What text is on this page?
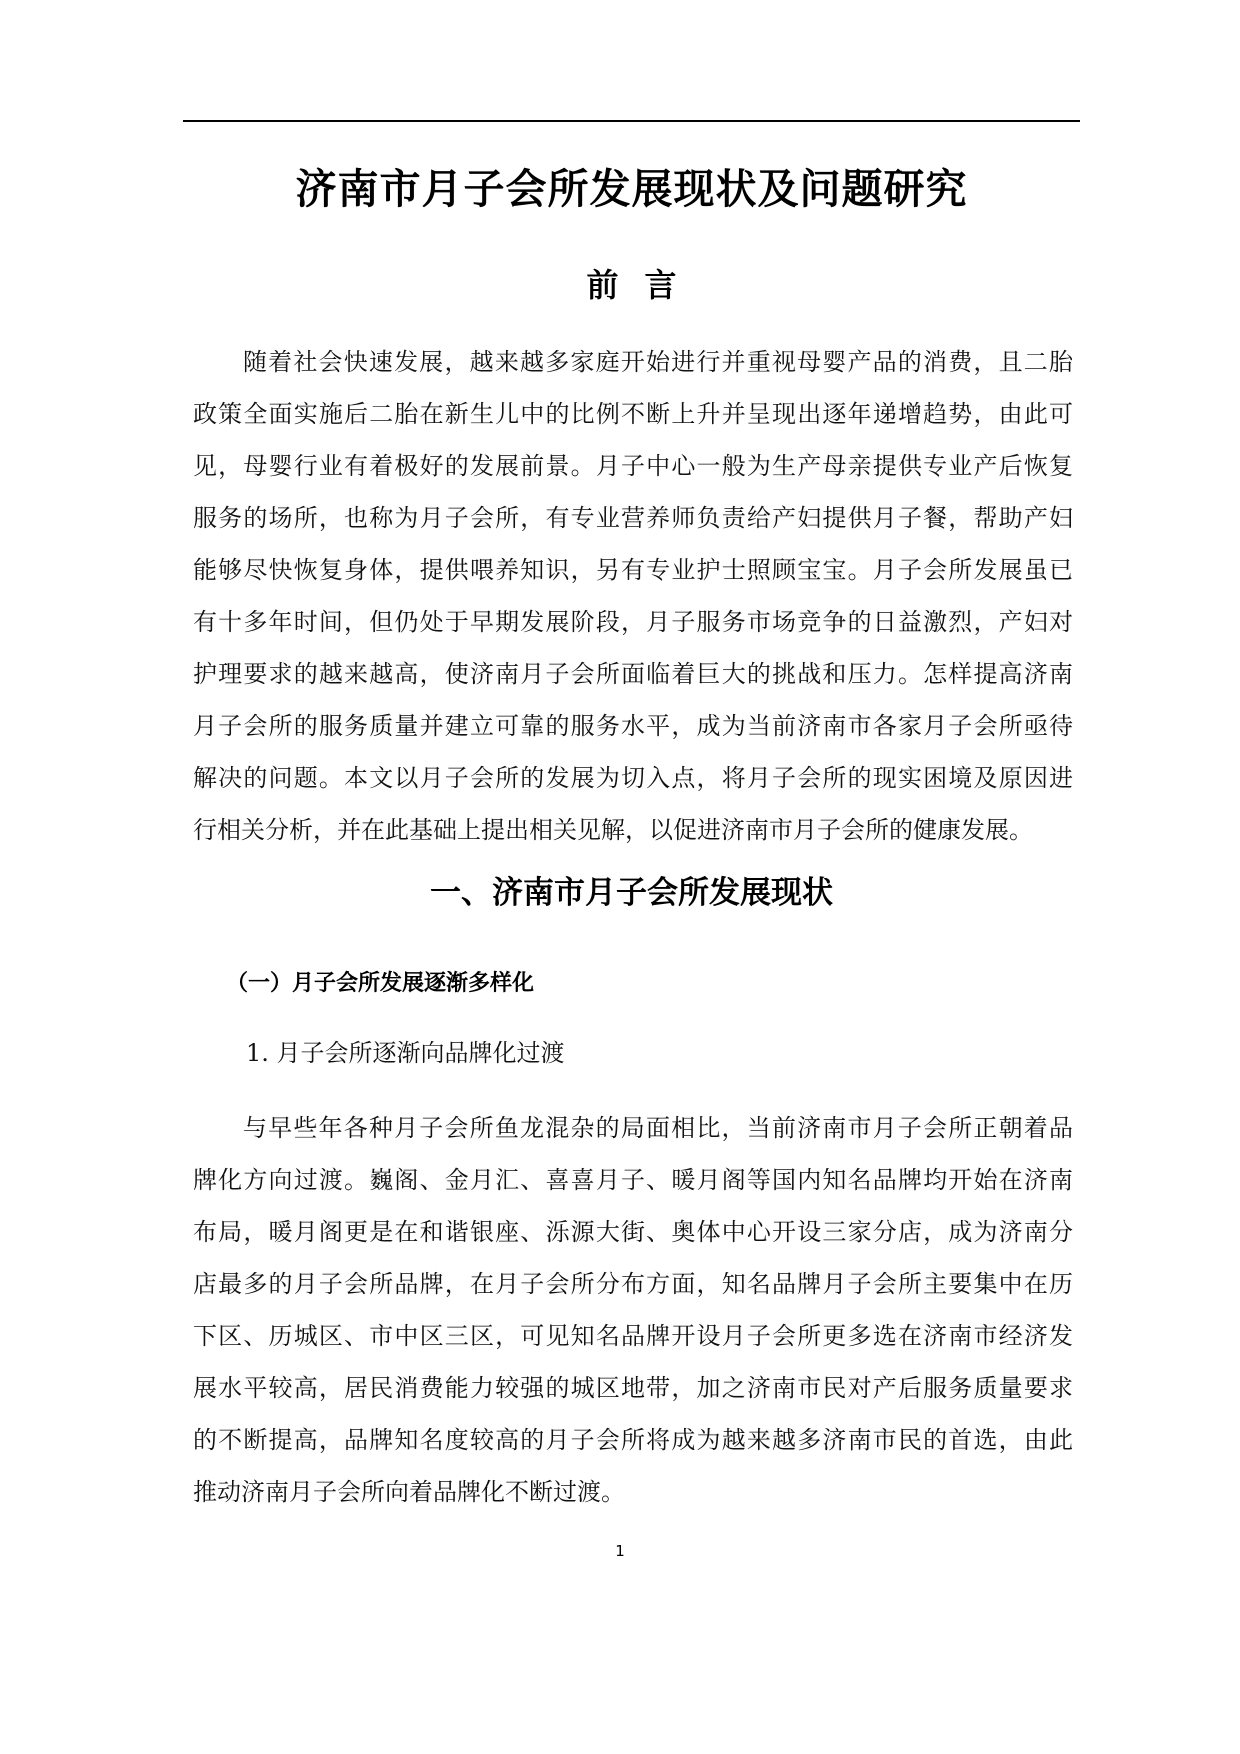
济南市月子会所发展现状及问题研究
前 言
随着社会快速发展，越来越多家庭开始进行并重视母婴产品的消费，且二胎
政策全面实施后二胎在新生儿中的比例不断上升并呈现出逐年递增趋势，由此可
见，母婴行业有着极好的发展前景。月子中心一般为生产母亲提供专业产后恢复
服务的场所，也称为月子会所，有专业营养师负责给产妇提供月子餐，帮助产妇
能够尽快恢复身体，提供喂养知识，另有专业护士照顾宝宝。月子会所发展虽已
有十多年时间，但仍处于早期发展阶段，月子服务市场竞争的日益激烈，产妇对
护理要求的越来越高，使济南月子会所面临着巨大的挑战和压力。怎样提高济南
月子会所的服务质量并建立可靠的服务水平，成为当前济南市各家月子会所亟待
解决的问题。本文以月子会所的发展为切入点，将月子会所的现实困境及原因进
行相关分析，并在此基础上提出相关见解，以促进济南市月子会所的健康发展。
一、济南市月子会所发展现状
（一）月子会所发展逐渐多样化
1. 月子会所逐渐向品牌化过渡
与早些年各种月子会所鱼龙混杂的局面相比，当前济南市月子会所正朝着品
牌化方向过渡。巍阁、金月汇、喜喜月子、暖月阁等国内知名品牌均开始在济南
布局，暖月阁更是在和谐银座、泺源大街、奥体中心开设三家分店，成为济南分
店最多的月子会所品牌，在月子会所分布方面，知名品牌月子会所主要集中在历
下区、历城区、市中区三区，可见知名品牌开设月子会所更多选在济南市经济发
展水平较高，居民消费能力较强的城区地带，加之济南市民对产后服务质量要求
的不断提高，品牌知名度较高的月子会所将成为越来越多济南市民的首选，由此
推动济南月子会所向着品牌化不断过渡。
1
